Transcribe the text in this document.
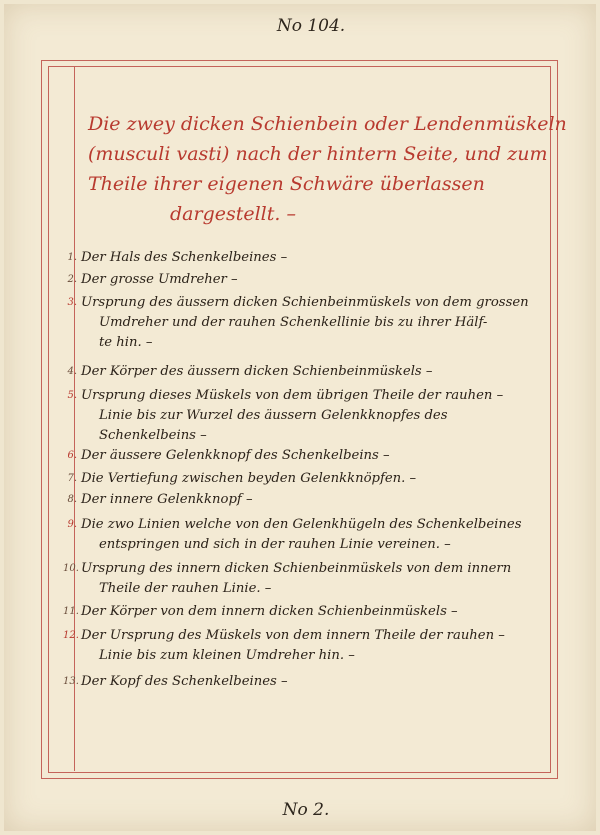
No 104.
Die zwey dicken Schienbein oder Lendenmüskeln
(musculi vasti) nach der hintern Seite, und zum
Theile ihrer eigenen Schwäre überlassen
dargestellt. –
1. Der Hals des Schenkelbeines –
2. Der grosse Umdreher –
3. Ursprung des äussern dicken Schienbeinmüskels von dem grossen
Umdreher und der rauhen Schenkellinie bis zu ihrer Hälf-
te hin. –
4. Der Körper des äussern dicken Schienbeinmüskels –
5. Ursprung dieses Müskels von dem übrigen Theile der rauhen –
Linie bis zur Wurzel des äussern Gelenkknopfes des
Schenkelbeins –
6. Der äussere Gelenkknopf des Schenkelbeins –
7. Die Vertiefung zwischen beyden Gelenkknöpfen. –
8. Der innere Gelenkknopf –
9. Die zwo Linien welche von den Gelenkhügeln des Schenkelbeines
entspringen und sich in der rauhen Linie vereinen. –
10. Ursprung des innern dicken Schienbeinmüskels von dem innern
Theile der rauhen Linie. –
11. Der Körper von dem innern dicken Schienbeinmüskels –
12. Der Ursprung des Müskels von dem innern Theile der rauhen –
Linie bis zum kleinen Umdreher hin. –
13. Der Kopf des Schenkelbeines –
No 2.
